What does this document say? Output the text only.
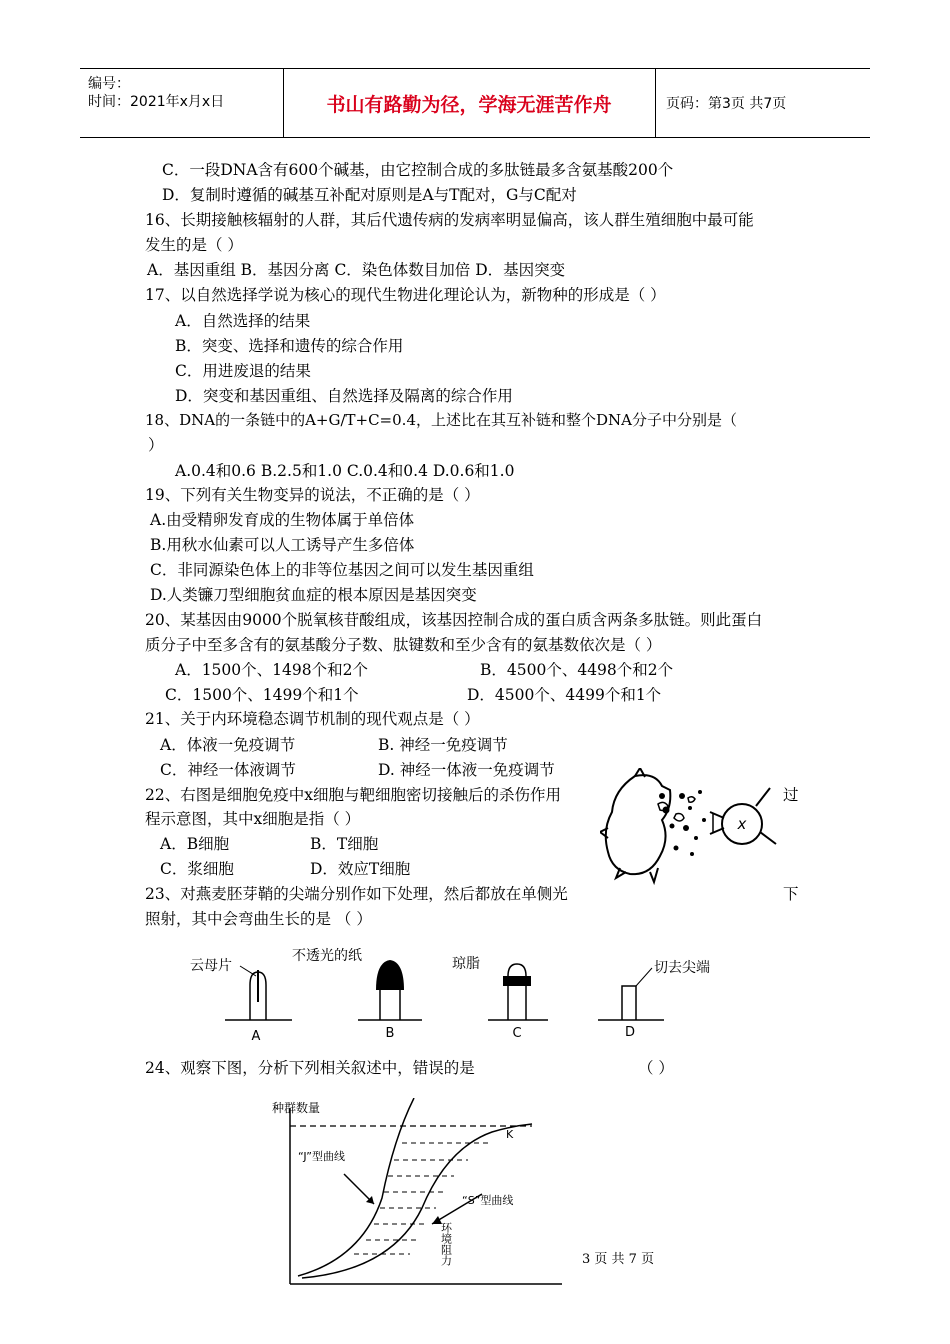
编号：
时间：2021年x月x日	书山有路勤为径，学海无涯苦作舟	页码：第3页 共7页
C．一段DNA含有600个碱基，由它控制合成的多肽链最多含氨基酸200个
D．复制时遵循的碱基互补配对原则是A与T配对，G与C配对
16、长期接触核辐射的人群，其后代遗传病的发病率明显偏高，该人群生殖细胞中最可能
发生的是（ ）
A．基因重组 B．基因分离 C．染色体数目加倍 D．基因突变
17、以自然选择学说为核心的现代生物进化理论认为，新物种的形成是（ ）
A．自然选择的结果
B．突变、选择和遗传的综合作用
C．用进废退的结果
D．突变和基因重组、自然选择及隔离的综合作用
18、DNA的一条链中的A+G/T+C=0.4，上述比在其互补链和整个DNA分子中分别是（
）
A.0.4和0.6 B.2.5和1.0 C.0.4和0.4 D.0.6和1.0
19、下列有关生物变异的说法，不正确的是（ ）
A.由受精卵发育成的生物体属于单倍体
B.用秋水仙素可以人工诱导产生多倍体
C．非同源染色体上的非等位基因之间可以发生基因重组
D.人类镰刀型细胞贫血症的根本原因是基因突变
20、某基因由9000个脱氧核苷酸组成，该基因控制合成的蛋白质含两条多肽链。则此蛋白
质分子中至多含有的氨基酸分子数、肽键数和至少含有的氨基数依次是（ ）
A．1500个、1498个和2个	B．4500个、4498个和2个
C．1500个、1499个和1个	D．4500个、4499个和1个
21、关于内环境稳态调节机制的现代观点是（ ）
A．体液一免疫调节	B. 神经一免疫调节
C．神经一体液调节	D. 神经一体液一免疫调节
22、右图是细胞免疫中x细胞与靶细胞密切接触后的杀伤作用	过
程示意图，其中x细胞是指（ ）
A．B细胞	B．T细胞
C．浆细胞	D．效应T细胞
23、对燕麦胚芽鞘的尖端分别作如下处理，然后都放在单侧光	下
照射，其中会弯曲生长的是 （ ）
24、观察下图，分析下列相关叙述中，错误的是	（ ）
x
云母片
不透光的纸	琼脂	切去尖端
A	B	C	D
种群数量
K
“J”型曲线
“S”型曲线
环境阻力	3 页 共 7 页
